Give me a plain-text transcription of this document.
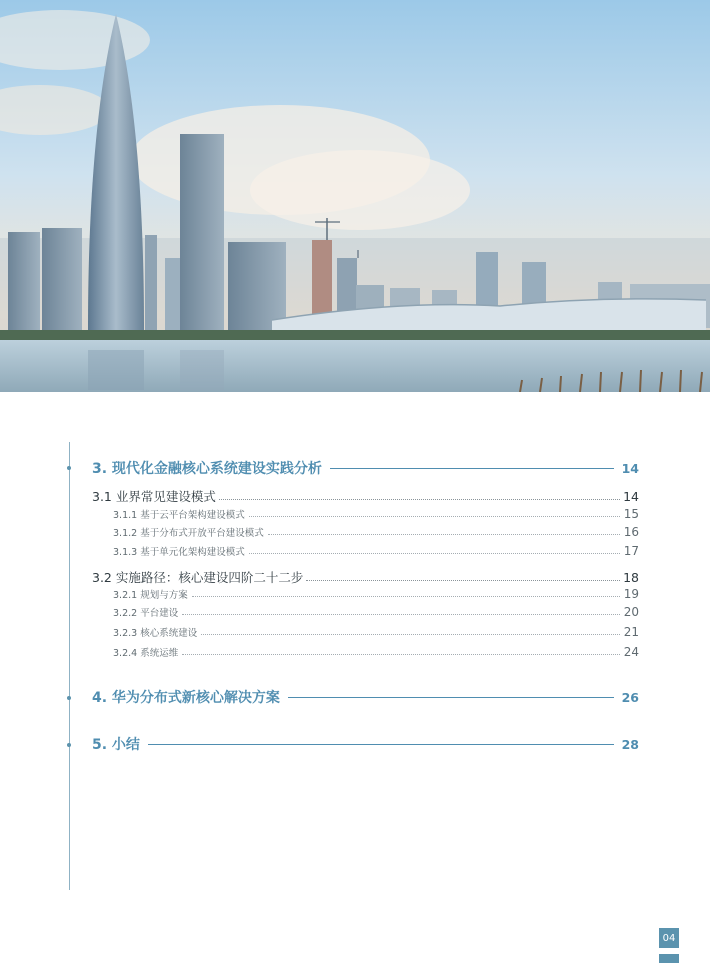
3. 现代化金融核心系统建设实践分析	14
3.1 业界常见建设模式	14
3.1.1 基于云平台架构建设模式	15
3.1.2 基于分布式开放平台建设模式	16
3.1.3 基于单元化架构建设模式	17
3.2 实施路径：核心建设四阶二十二步	18
3.2.1 规划与方案	19
3.2.2 平台建设	20
3.2.3 核心系统建设	21
3.2.4 系统运维	24
4. 华为分布式新核心解决方案	26
5. 小结	28
04
